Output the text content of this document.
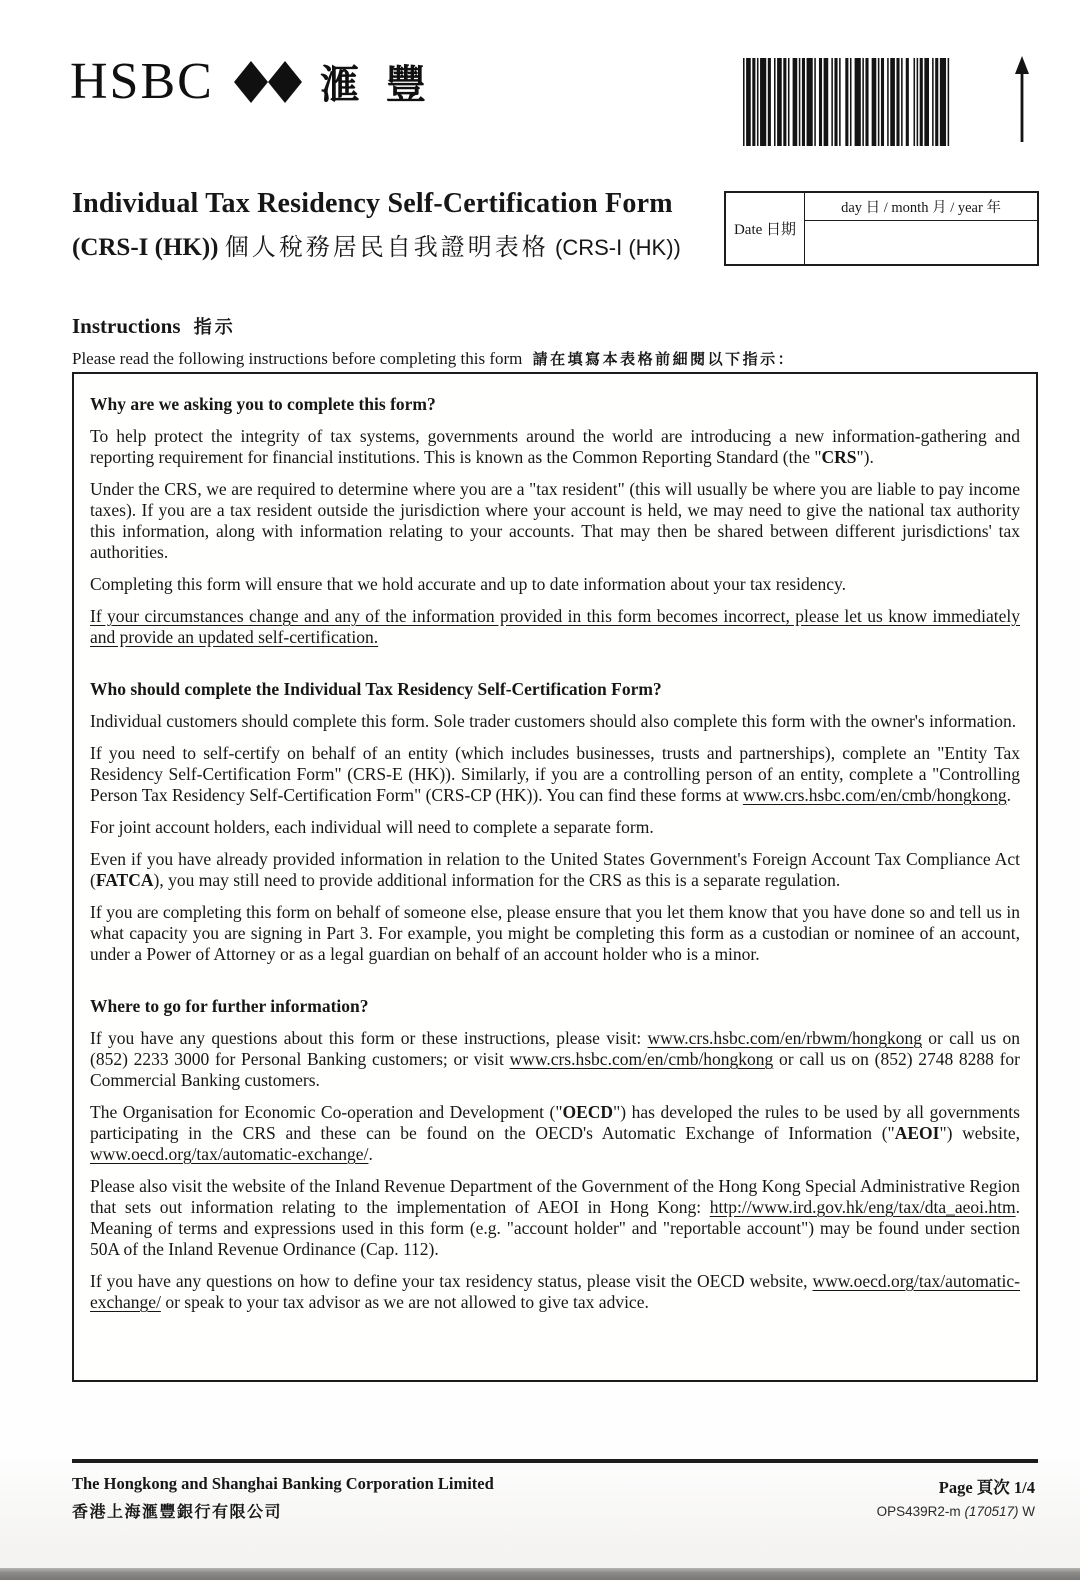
HSBC	滙 豐
Individual Tax Residency Self-Certification Form
(CRS-I (HK)) 個人稅務居民自我證明表格 (CRS-I (HK))
Date 日期
day 日 / month 月 / year 年
Instructions 指示
Please read the following instructions before completing this form 請在填寫本表格前細閱以下指示：
Why are we asking you to complete this form?

To help protect the integrity of tax systems, governments around the world are introducing a new information-gathering and reporting requirement for financial institutions. This is known as the Common Reporting Standard (the "CRS").

Under the CRS, we are required to determine where you are a "tax resident" (this will usually be where you are liable to pay income taxes). If you are a tax resident outside the jurisdiction where your account is held, we may need to give the national tax authority this information, along with information relating to your accounts. That may then be shared between different jurisdictions' tax authorities.

Completing this form will ensure that we hold accurate and up to date information about your tax residency.

If your circumstances change and any of the information provided in this form becomes incorrect, please let us know immediately and provide an updated self-certification.

Who should complete the Individual Tax Residency Self-Certification Form?

Individual customers should complete this form. Sole trader customers should also complete this form with the owner's information.

If you need to self-certify on behalf of an entity (which includes businesses, trusts and partnerships), complete an "Entity Tax Residency Self-Certification Form" (CRS-E (HK)). Similarly, if you are a controlling person of an entity, complete a "Controlling Person Tax Residency Self-Certification Form" (CRS-CP (HK)). You can find these forms at www.crs.hsbc.com/en/cmb/hongkong.

For joint account holders, each individual will need to complete a separate form.

Even if you have already provided information in relation to the United States Government's Foreign Account Tax Compliance Act (FATCA), you may still need to provide additional information for the CRS as this is a separate regulation.

If you are completing this form on behalf of someone else, please ensure that you let them know that you have done so and tell us in what capacity you are signing in Part 3. For example, you might be completing this form as a custodian or nominee of an account, under a Power of Attorney or as a legal guardian on behalf of an account holder who is a minor.

Where to go for further information?

If you have any questions about this form or these instructions, please visit: www.crs.hsbc.com/en/rbwm/hongkong or call us on (852) 2233 3000 for Personal Banking customers; or visit www.crs.hsbc.com/en/cmb/hongkong or call us on (852) 2748 8288 for Commercial Banking customers.

The Organisation for Economic Co-operation and Development ("OECD") has developed the rules to be used by all governments participating in the CRS and these can be found on the OECD's Automatic Exchange of Information ("AEOI") website, www.oecd.org/tax/automatic-exchange/.

Please also visit the website of the Inland Revenue Department of the Government of the Hong Kong Special Administrative Region that sets out information relating to the implementation of AEOI in Hong Kong: http://www.ird.gov.hk/eng/tax/dta_aeoi.htm. Meaning of terms and expressions used in this form (e.g. "account holder" and "reportable account") may be found under section 50A of the Inland Revenue Ordinance (Cap. 112).

If you have any questions on how to define your tax residency status, please visit the OECD website, www.oecd.org/tax/automatic-exchange/ or speak to your tax advisor as we are not allowed to give tax advice.

The Hongkong and Shanghai Banking Corporation Limited
香港上海滙豐銀行有限公司
Page 頁次 1/4
OPS439R2-m (170517) W
